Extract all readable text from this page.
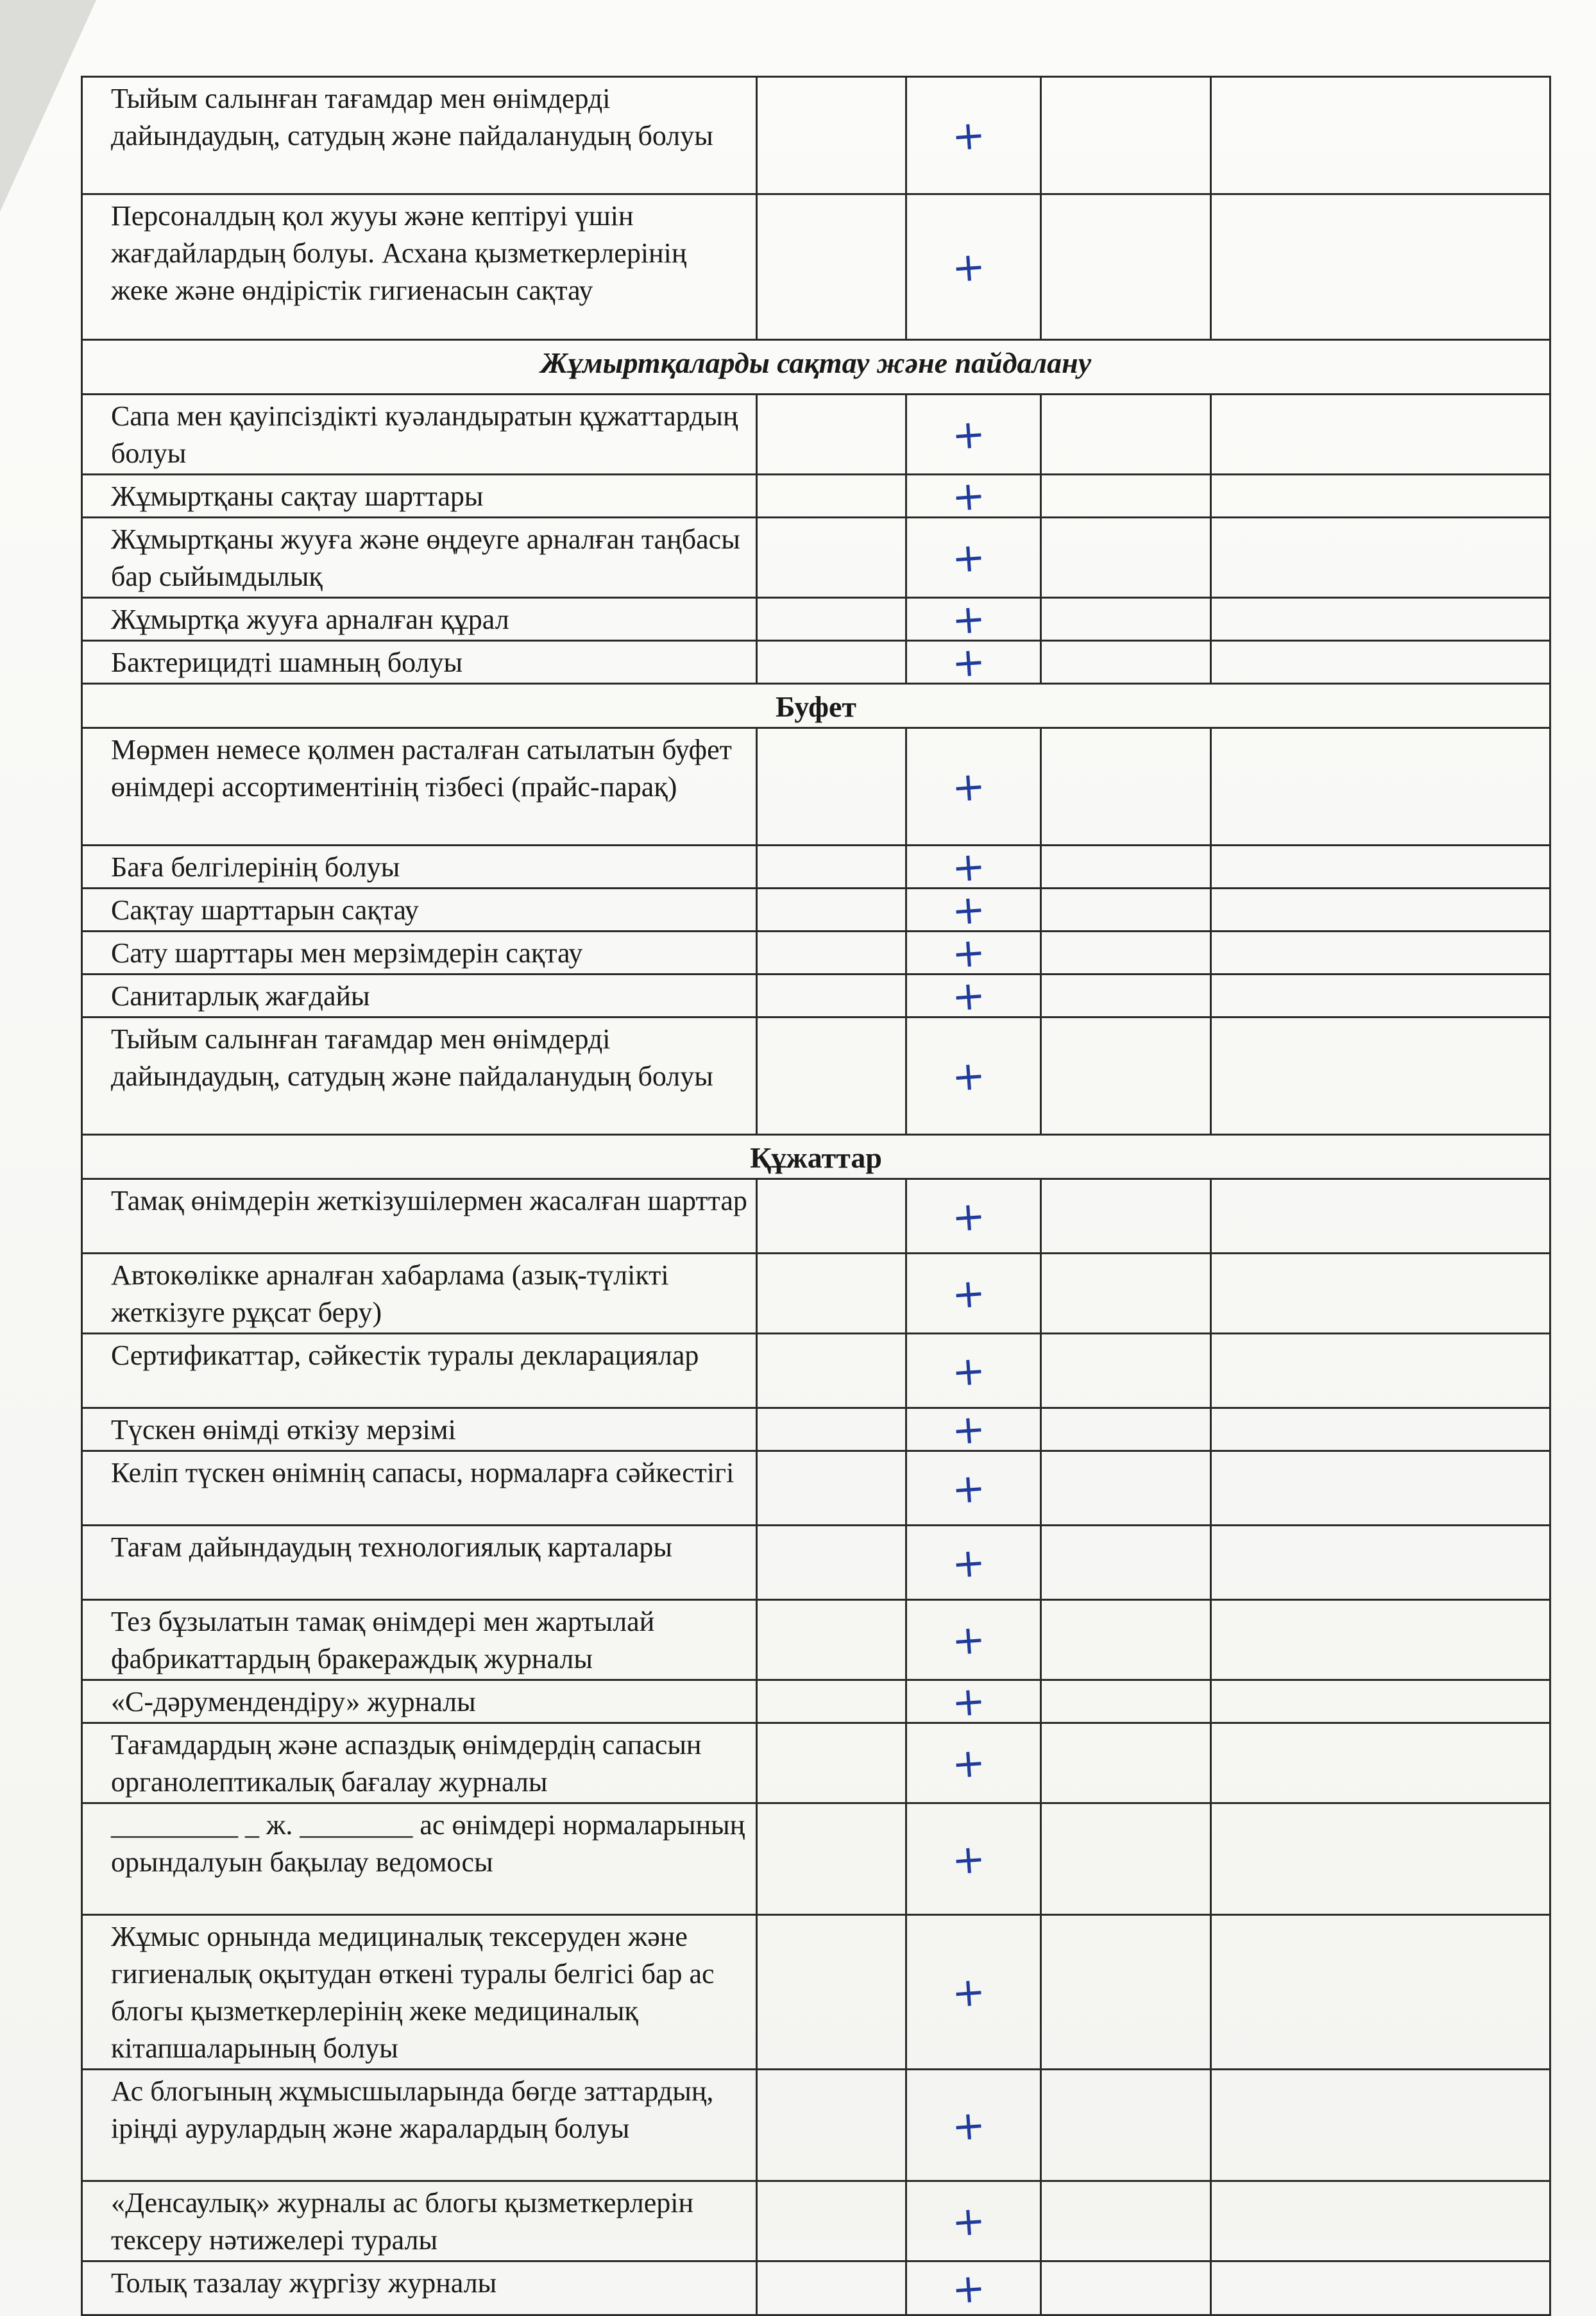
Тыйым салынған тағамдар мен өнімдерді дайындаудың, сатудың және пайдаланудың болуы		+		
Персоналдың қол жууы және кептіруі үшін жағдайлардың болуы. Асхана қызметкерлерінің жеке және өндірістік гигиенасын сақтау		+		
Жұмыртқаларды сақтау және пайдалану				
Сапа мен қауіпсіздікті куәландыратын құжаттардың болуы		+		
Жұмыртқаны сақтау шарттары		+		
Жұмыртқаны жууға және өңдеуге арналған таңбасы бар сыйымдылық		+		
Жұмыртқа жууға арналған құрал		+		
Бактерицидті шамның болуы		+		
Буфет				
Мөрмен немесе қолмен расталған сатылатын буфет өнімдері ассортиментінің тізбесі (прайс-парақ)		+		
Баға белгілерінің болуы		+		
Сақтау шарттарын сақтау		+		
Сату шарттары мен мерзімдерін сақтау		+		
Санитарлық жағдайы		+		
Тыйым салынған тағамдар мен өнімдерді дайындаудың, сатудың және пайдаланудың болуы		+		
Құжаттар				
Тамақ өнімдерін жеткізушілермен жасалған шарттар		+		
Автокөлікке арналған хабарлама (азық-түлікті жеткізуге рұқсат беру)		+		
Сертификаттар, сәйкестік туралы декларациялар		+		
Түскен өнімді өткізу мерзімі		+		
Келіп түскен өнімнің сапасы, нормаларға сәйкестігі		+		
Тағам дайындаудың технологиялық карталары		+		
Тез бұзылатын тамақ өнімдері мен жартылай фабрикаттардың бракераждық журналы		+		
«С-дәрумендендіру» журналы		+		
Тағамдардың және аспаздық өнімдердің сапасын органолептикалық бағалау журналы		+		
_________ _ ж. ________ ас өнімдері нормаларының орындалуын бақылау ведомосы		+		
Жұмыс орнында медициналық тексеруден және гигиеналық оқытудан өткені туралы белгісі бар ас блогы қызметкерлерінің жеке медициналық кітапшаларының болуы		+		
Ас блогының жұмысшыларында бөгде заттардың, іріңді аурулардың және жаралардың болуы		+		
«Денсаулық» журналы ас блогы қызметкерлерін тексеру нәтижелері туралы		+		
Толық тазалау жүргізу журналы		+		
